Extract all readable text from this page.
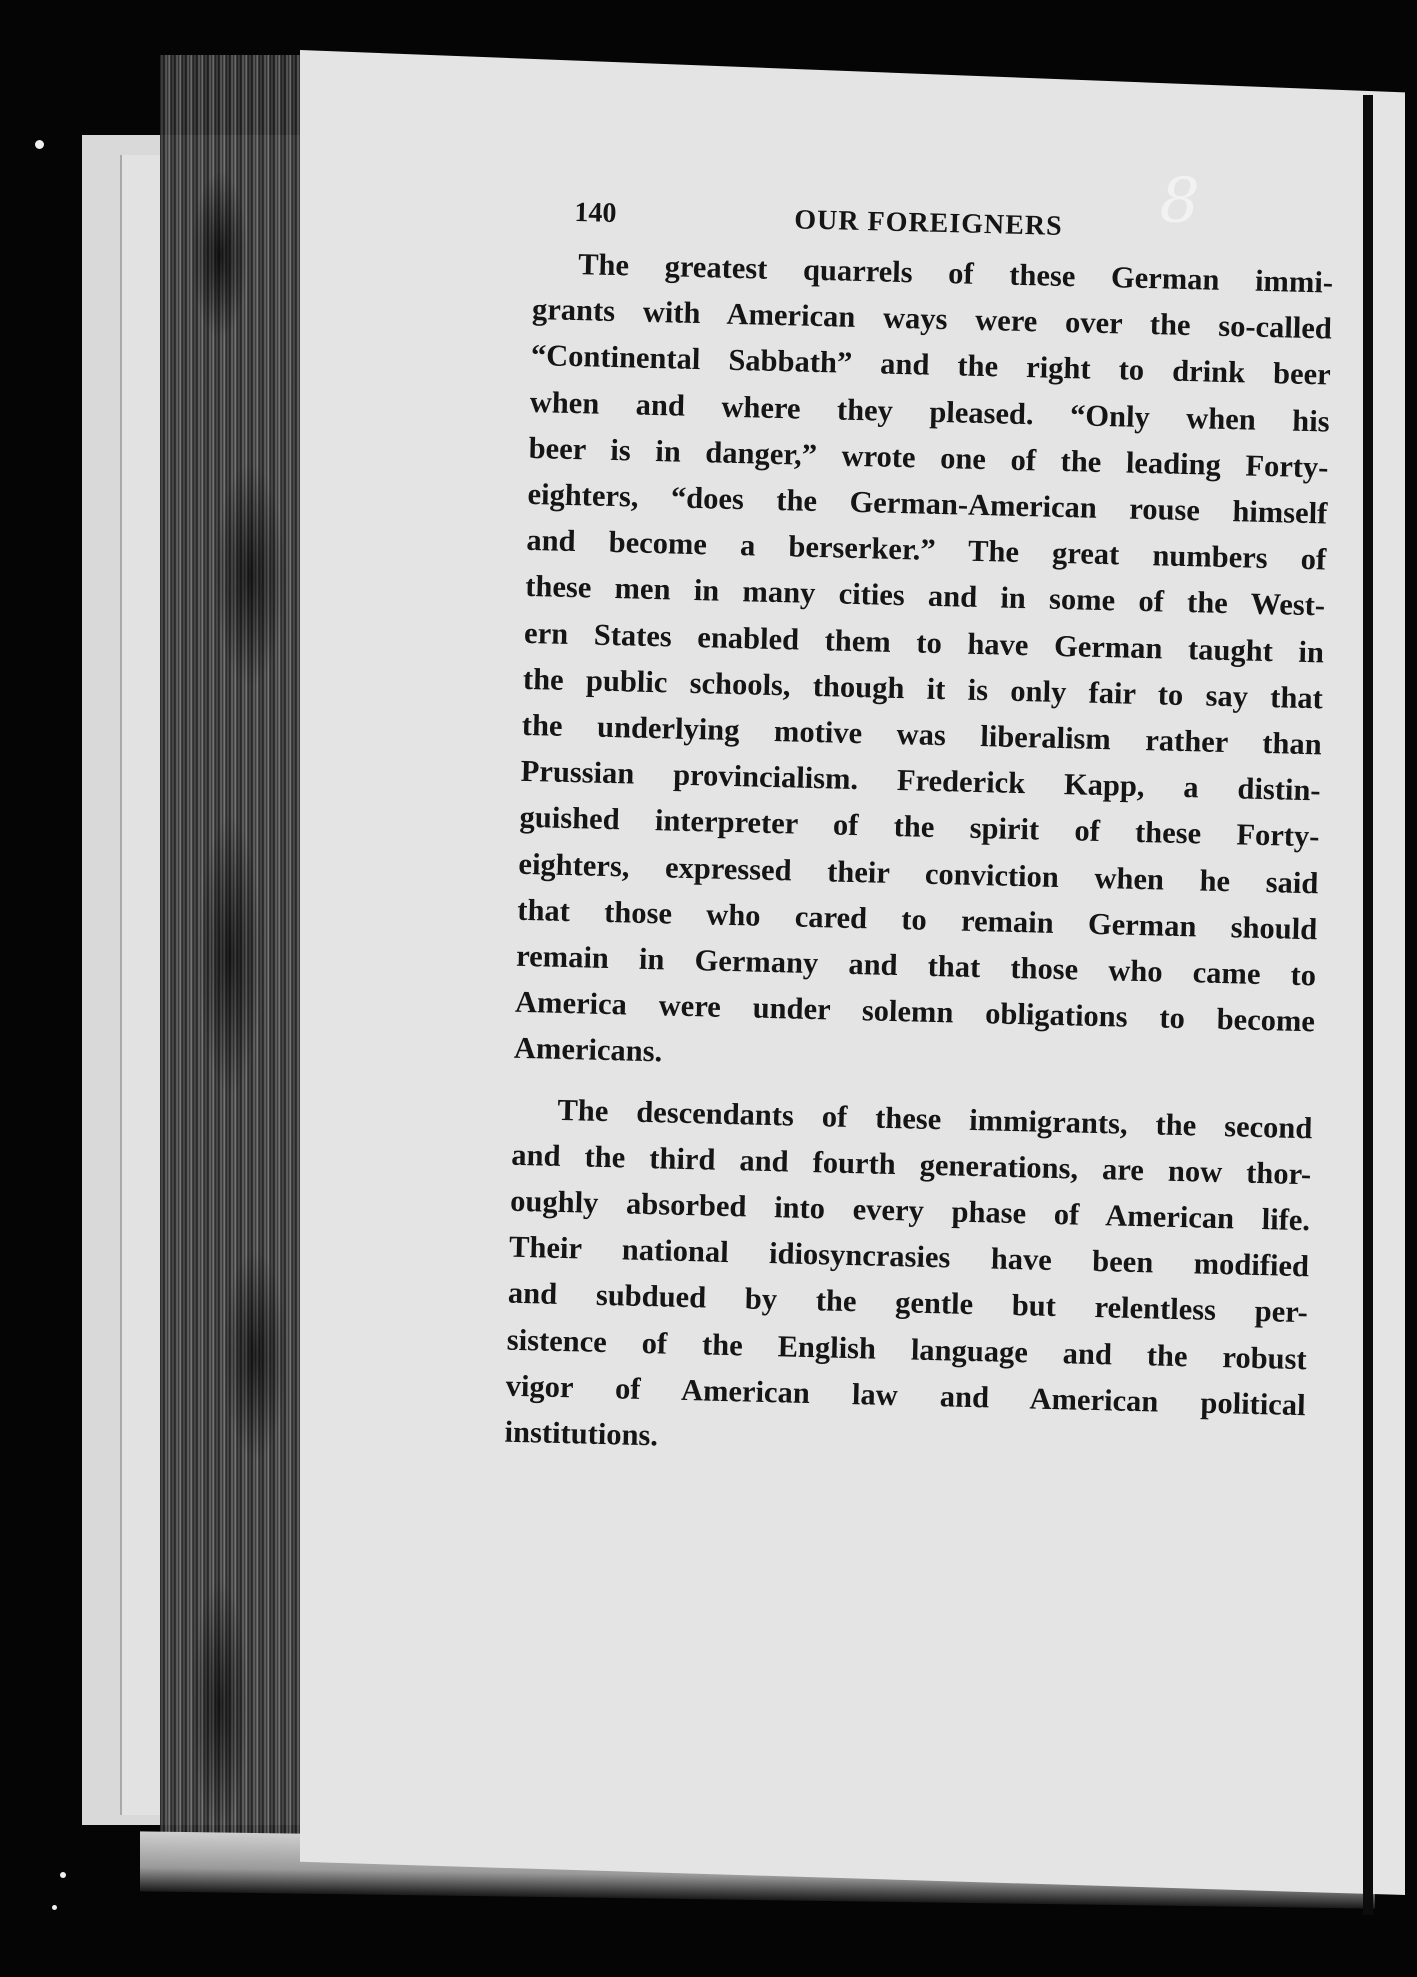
140	OUR FOREIGNERS 8

The greatest quarrels of these German immi-
grants with American ways were over the so-called
“Continental Sabbath” and the right to drink beer
when and where they pleased. “Only when his
beer is in danger,” wrote one of the leading Forty-
eighters, “does the German-American rouse himself
and become a berserker.” The great numbers of
these men in many cities and in some of the West-
ern States enabled them to have German taught in
the public schools, though it is only fair to say that
the underlying motive was liberalism rather than
Prussian provincialism. Frederick Kapp, a distin-
guished interpreter of the spirit of these Forty-
eighters, expressed their conviction when he said
that those who cared to remain German should
remain in Germany and that those who came to
America were under solemn obligations to become
Americans.

The descendants of these immigrants, the second
and the third and fourth generations, are now thor-
oughly absorbed into every phase of American life.
Their national idiosyncrasies have been modified
and subdued by the gentle but relentless per-
sistence of the English language and the robust
vigor of American law and American political
institutions.
